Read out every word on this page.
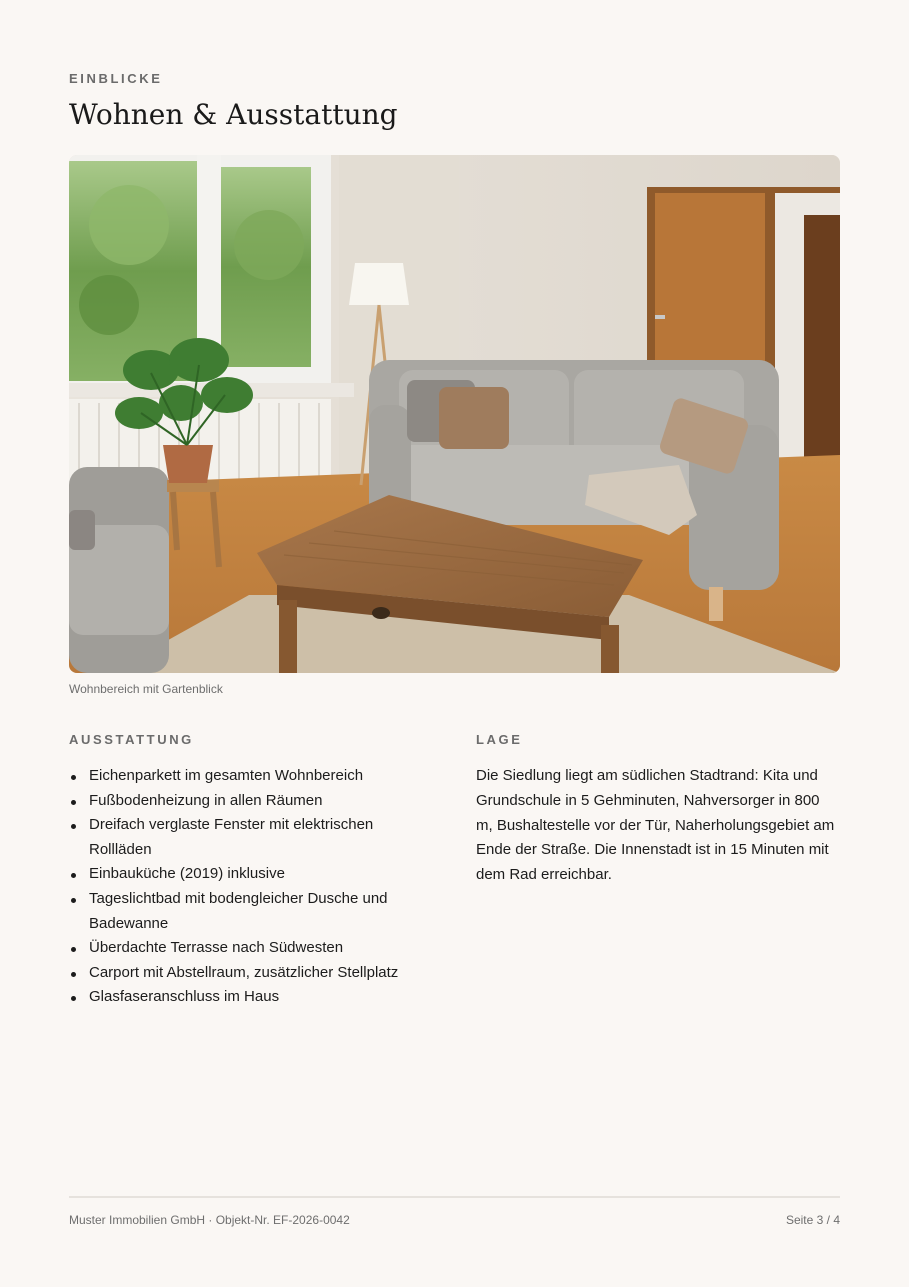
EINBLICKE
Wohnen & Ausstattung
Wohnbereich mit Gartenblick
AUSSTATTUNG
Eichenparkett im gesamten Wohnbereich
Fußbodenheizung in allen Räumen
Dreifach verglaste Fenster mit elektrischen Rollläden
Einbauküche (2019) inklusive
Tageslichtbad mit bodengleicher Dusche und Badewanne
Überdachte Terrasse nach Südwesten
Carport mit Abstellraum, zusätzlicher Stellplatz
Glasfaseranschluss im Haus
LAGE

Die Siedlung liegt am südlichen Stadtrand: Kita und Grundschule in 5 Gehminuten, Nahversorger in 800 m, Bushaltestelle vor der Tür, Naherholungsgebiet am Ende der Straße. Die Innenstadt ist in 15 Minuten mit dem Rad erreichbar.

Muster Immobilien GmbH · Objekt-Nr. EF-2026-0042	Seite 3 / 4
